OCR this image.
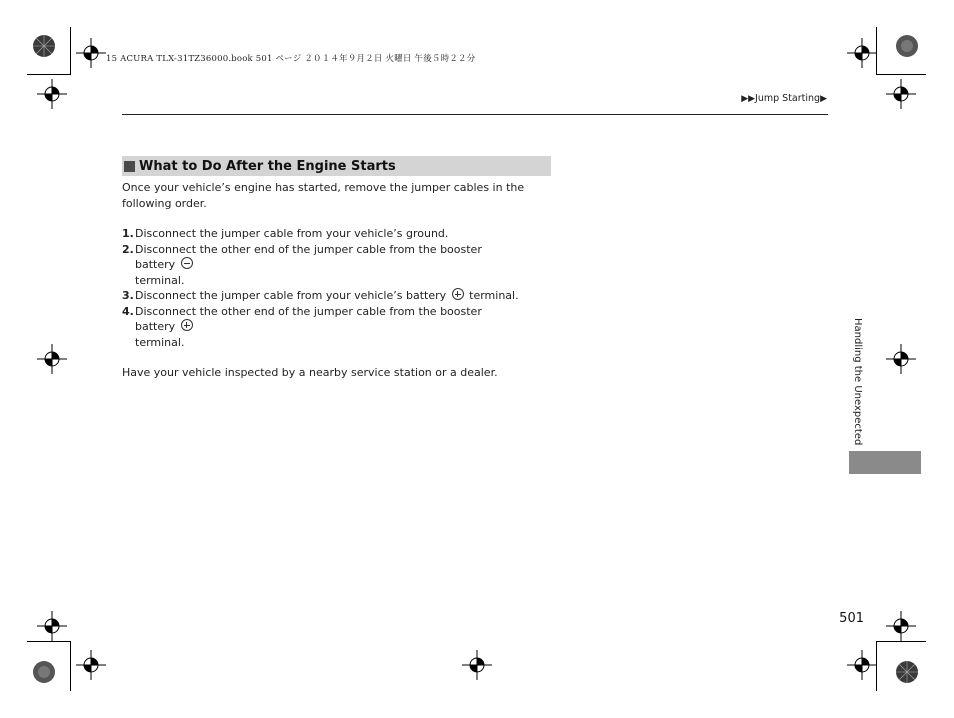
15 ACURA TLX-31TZ36000.book 501 ページ ２０１４年９月２日 火曜日 午後５時２２分
▶▶Jump Starting▶
What to Do After the Engine Starts

Once your vehicle’s engine has started, remove the jumper cables in the following order.

1. Disconnect the jumper cable from your vehicle’s ground.
2. Disconnect the other end of the jumper cable from the booster battery
terminal.
3. Disconnect the jumper cable from your vehicle’s battery terminal.
4. Disconnect the other end of the jumper cable from the booster battery
terminal.

Have your vehicle inspected by a nearby service station or a dealer.	Handling the Unexpected
501
